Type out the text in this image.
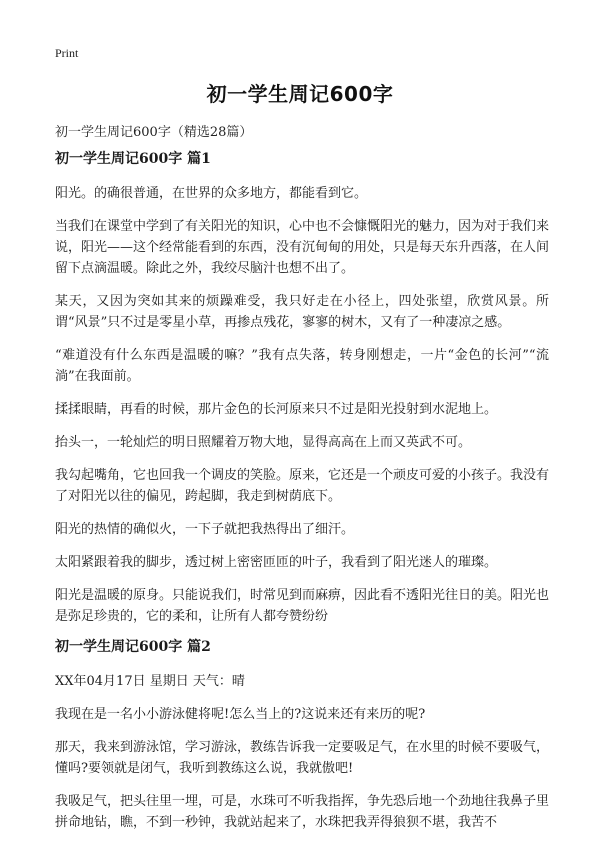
Print
初一学生周记600字
初一学生周记600字（精选28篇）
初一学生周记600字 篇1

阳光。的确很普通，在世界的众多地方，都能看到它。

当我们在课堂中学到了有关阳光的知识，心中也不会慷慨阳光的魅力，因为对于我们来说，阳光——这个经常能看到的东西，没有沉甸甸的用处，只是每天东升西落，在人间留下点滴温暖。除此之外，我绞尽脑汁也想不出了。

某天，又因为突如其来的烦躁难受，我只好走在小径上，四处张望，欣赏风景。所谓“风景”只不过是零星小草，再掺点残花，寥寥的树木，又有了一种凄凉之感。

“难道没有什么东西是温暖的嘛？”我有点失落，转身刚想走，一片“金色的长河”“流淌”在我面前。

揉揉眼睛，再看的时候，那片金色的长河原来只不过是阳光投射到水泥地上。

抬头一，一轮灿烂的明日照耀着万物大地，显得高高在上而又英武不可。

我勾起嘴角，它也回我一个调皮的笑脸。原来，它还是一个顽皮可爱的小孩子。我没有了对阳光以往的偏见，跨起脚，我走到树荫底下。

阳光的热情的确似火，一下子就把我热得出了细汗。

太阳紧跟着我的脚步，透过树上密密匝匝的叶子，我看到了阳光迷人的璀璨。

阳光是温暖的原身。只能说我们，时常见到而麻痹，因此看不透阳光往日的美。阳光也是弥足珍贵的，它的柔和，让所有人都夸赞纷纷

初一学生周记600字 篇2

XX年04月17日 星期日 天气：晴

我现在是一名小小游泳健将呢!怎么当上的?这说来还有来历的呢?

那天，我来到游泳馆，学习游泳，教练告诉我一定要吸足气，在水里的时候不要吸气，懂吗?要领就是闭气，我听到教练这么说，我就傲吧!

我吸足气，把头往里一埋，可是，水珠可不听我指挥，争先恐后地一个劲地往我鼻子里拼命地钻，瞧，不到一秒钟，我就站起来了，水珠把我弄得狼狈不堪，我苦不
